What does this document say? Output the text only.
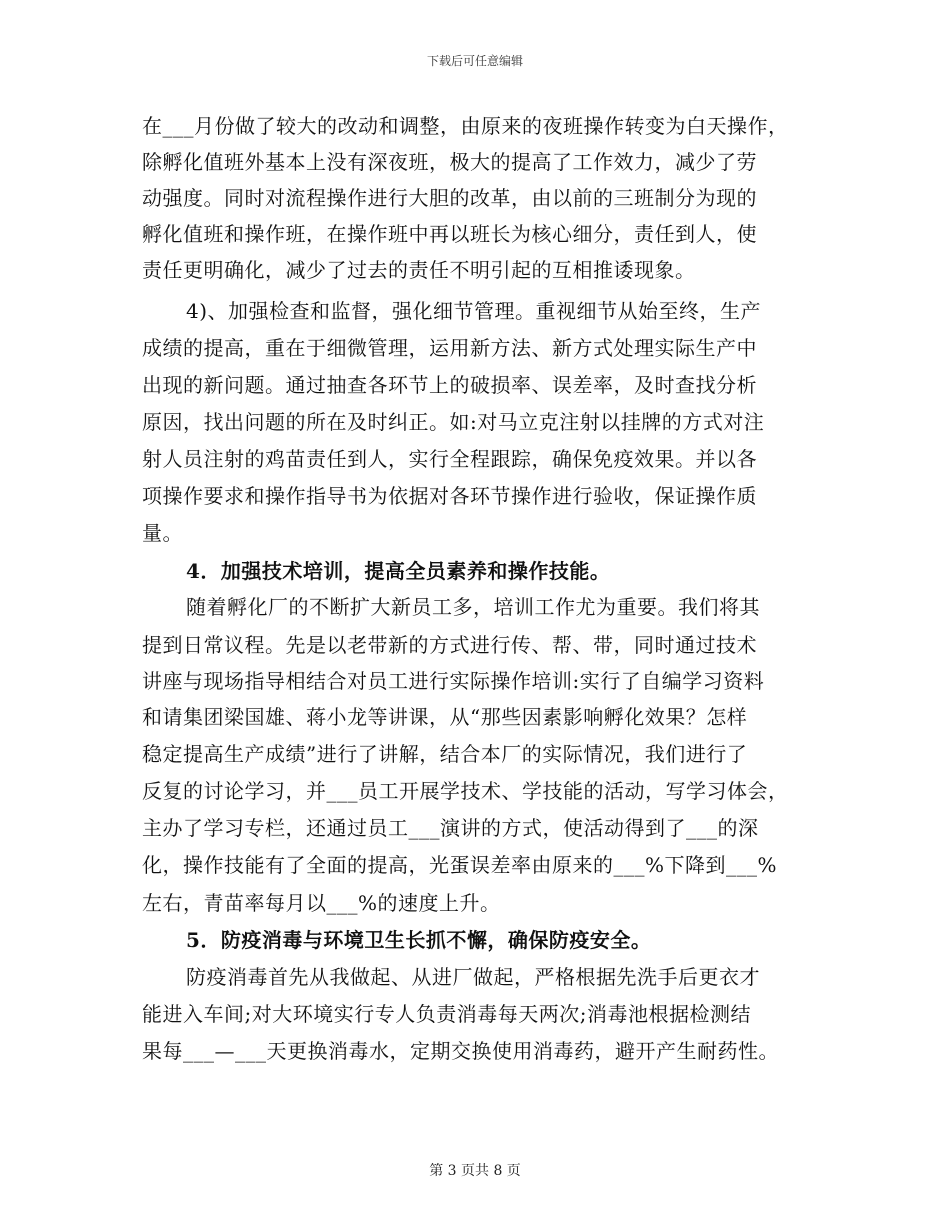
下载后可任意编辑
在___月份做了较大的改动和调整，由原来的夜班操作转变为白天操作，
除孵化值班外基本上没有深夜班，极大的提高了工作效力，减少了劳
动强度。同时对流程操作进行大胆的改革，由以前的三班制分为现的
孵化值班和操作班，在操作班中再以班长为核心细分，责任到人，使
责任更明确化，减少了过去的责任不明引起的互相推诿现象。
4)、加强检查和监督，强化细节管理。重视细节从始至终，生产
成绩的提高，重在于细微管理，运用新方法、新方式处理实际生产中
出现的新问题。通过抽查各环节上的破损率、误差率，及时查找分析
原因，找出问题的所在及时纠正。如:对马立克注射以挂牌的方式对注
射人员注射的鸡苗责任到人，实行全程跟踪，确保免疫效果。并以各
项操作要求和操作指导书为依据对各环节操作进行验收，保证操作质
量。
4．加强技术培训，提高全员素养和操作技能。
随着孵化厂的不断扩大新员工多，培训工作尤为重要。我们将其
提到日常议程。先是以老带新的方式进行传、帮、带，同时通过技术
讲座与现场指导相结合对员工进行实际操作培训:实行了自编学习资料
和请集团梁国雄、蒋小龙等讲课，从“那些因素影响孵化效果？怎样
稳定提高生产成绩”进行了讲解，结合本厂的实际情况，我们进行了
反复的讨论学习，并___员工开展学技术、学技能的活动，写学习体会，
主办了学习专栏，还通过员工___演讲的方式，使活动得到了___的深
化，操作技能有了全面的提高，光蛋误差率由原来的___%下降到___%
左右，青苗率每月以___%的速度上升。
5．防疫消毒与环境卫生长抓不懈，确保防疫安全。
防疫消毒首先从我做起、从进厂做起，严格根据先洗手后更衣才
能进入车间;对大环境实行专人负责消毒每天两次;消毒池根据检测结
果每___—___天更换消毒水，定期交换使用消毒药，避开产生耐药性。
第 3 页共 8 页
